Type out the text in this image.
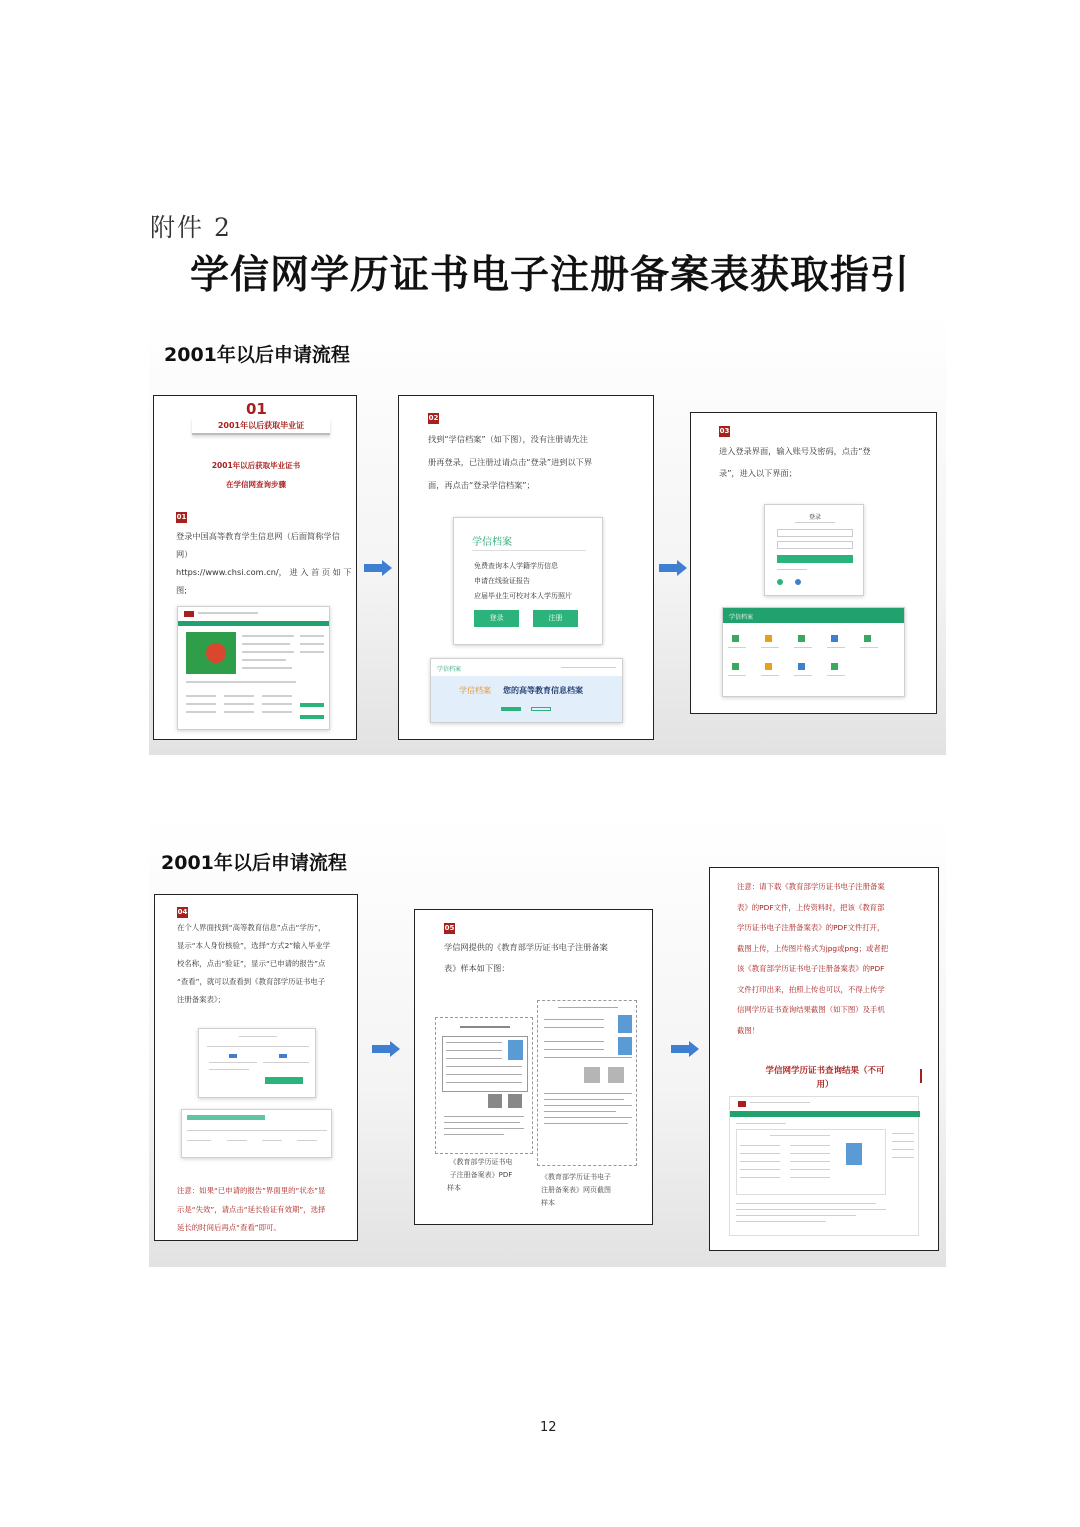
附件 2
学信网学历证书电子注册备案表获取指引
2001年以后申请流程
01
2001年以后获取毕业证
2001年以后获取毕业证书
在学信网查询步骤
01
登录中国高等教育学生信息网（后面简称学信
网）
https://www.chsi.com.cn/， 进 入 首 页 如 下
图;
02
找到“学信档案”（如下图），没有注册请先注
册再登录，已注册过请点击“登录”进到以下界
面，再点击“登录学信档案”；
学信档案
免费查询本人学籍学历信息
申请在线验证报告
应届毕业生可校对本人学历照片
登录	注册
学信档案
学信档案 您的高等教育信息档案
03
进入登录界面，输入账号及密码，点击“登
录”，进入以下界面；
登录
学信档案
2001年以后申请流程
04
在个人界面找到“高等教育信息”点击“学历”，
显示“本人身份核验”，选择“方式2”输入毕业学
校名称，点击“验证”，显示“已申请的报告”点
“查看”，就可以查看到《教育部学历证书电子
注册备案表》；
注意：如果“已申请的报告”界面里的“状态”显
示是“失效”，请点击“延长验证有效期”，选择
延长的时间后再点“查看”即可。
05
学信网提供的《教育部学历证书电子注册备案
表》样本如下图：
《教育部学历证书电
子注册备案表》PDF
样本
《教育部学历证书电子
注册备案表》网页截图
样本
注意：请下载《教育部学历证书电子注册备案
表》的PDF文件，上传资料时，把该《教育部
学历证书电子注册备案表》的PDF文件打开，
截图上传，上传图片格式为jpg或png；或者把
该《教育部学历证书电子注册备案表》的PDF
文件打印出来，拍照上传也可以，不得上传学
信网学历证书查询结果截图（如下图）及手机
截图！
学信网学历证书查询结果（不可
用）
12
